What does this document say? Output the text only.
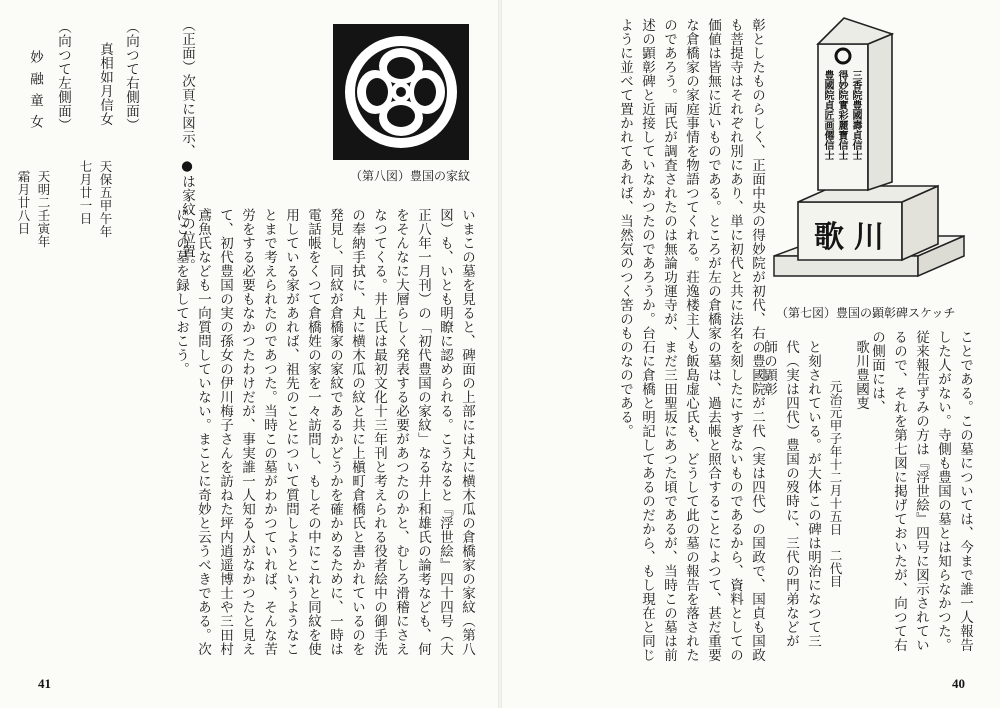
（第八図）豊国の家紋
いまこの墓を見ると、碑面の上部には丸に横木瓜の倉橋家の家紋（第八図）も、いとも明瞭に認められる。こうなると『浮世絵』四十四号（大正八年一月刊）の「初代豊国の家紋」なる井上和雄氏の論考なども、何をそんなに大層らしく発表する必要があつたのかと、むしろ滑稽にさえなつてくる。井上氏は最初文化十三年刊と考えられる役者絵中の御手洗の奉納手拭に、丸に横木瓜の紋と共に上槇町倉橋氏と書かれているのを発見し、同紋が倉橋家の家紋であるかどうかを確かめるために、一時は電話帳をくつて倉橋姓の家を一々訪問し、もしその中にこれと同紋を使用している家があれば、祖先のことについて質問しようというようなことまで考えられたのであつた。当時この墓がわかつていれば、そんな苦労をする必要もなかつたわけだが、事実誰一人知る人がなかつたと見えて、初代豊国の実の孫女の伊川梅子さんを訪ねた坪内逍遥博士や三田村鳶魚氏なども一向質問していない。まことに奇妙と云うべきである。次にこの墓を録しておこう。
（正面）次頁に図示、●は家紋の位置。
（向つて右側面）
真相如月信女
天保五甲午年
七月廿一日
（向つて左側面）
妙融童女
天明二壬寅年
霜月廿八日
41
彰としたものらしく、正面中央の得妙院が初代、右の豊國院が二代（実は四代）の国政で、国貞も国政も菩提寺はそれぞれ別にあり、単に初代と共に法名を刻したにすぎないものであるから、資料としての価値は皆無に近いものである。ところが左の倉橋家の墓は、過去帳と照合することによつて、甚だ重要な倉橋家の家庭事情を物語つてくれる。荘逸楼主人も飯島虚心氏も、どうして此の墓の報告を落されたのであろう。両氏が調査されたのは無論功運寺が、まだ三田聖坂にあつた頃であるが、当時この墓は前述の顕彰碑と近接していなかつたのであろうか。台石に倉橋と明記してあるのだから、もし現在と同じように並べて置かれてあれば、当然気のつく筈のものなのである。
ことである。この墓については、今まで誰一人報告した人がない。寺側も豊国の墓とは知らなかつた。従来報告ずみの方は『浮世絵』四号に図示されているので、それを第七図に掲げておいたが、向つて右の側面には、
歌川豊國叓
元治元甲子年十二月十五日　二代目
と刻されている。が大体この碑は明治になつて三代（実は四代）豊国の歿時に、三代の門弟などが師の顕彰
40
豊國院貞匠画僊信士 得妙院實彩麗寶信士 三香院豊國壽貞信士
歌川
（第七図）豊国の顕彰碑スケッチ
